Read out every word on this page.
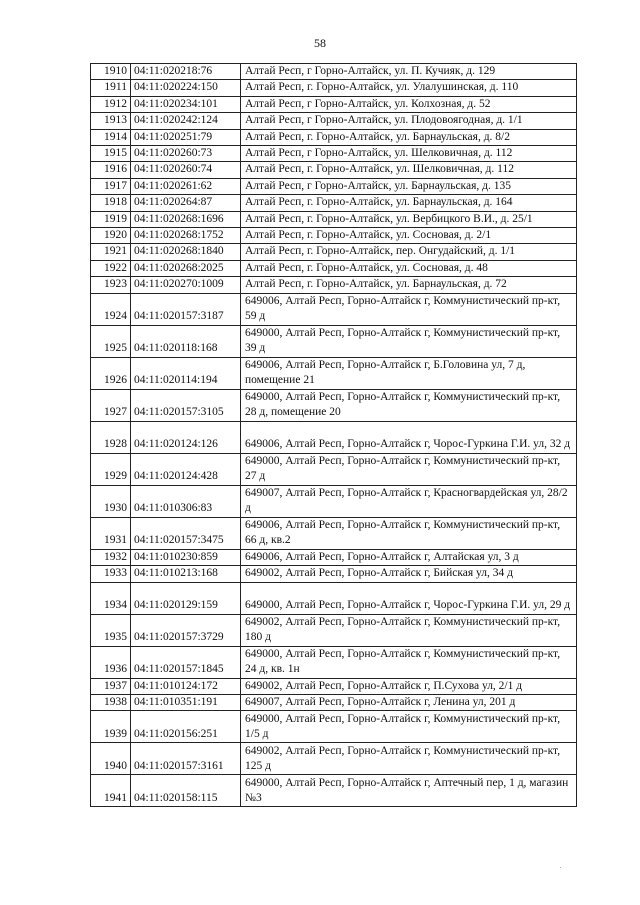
58
1910	04:11:020218:76	Алтай Респ, г Горно-Алтайск, ул. П. Кучияк, д. 129
1911	04:11:020224:150	Алтай Респ, г. Горно-Алтайск, ул. Улалушинская, д. 110
1912	04:11:020234:101	Алтай Респ, г Горно-Алтайск, ул. Колхозная, д. 52
1913	04:11:020242:124	Алтай Респ, г Горно-Алтайск, ул. Плодовоягодная, д. 1/1
1914	04:11:020251:79	Алтай Респ, г. Горно-Алтайск, ул. Барнаульская, д. 8/2
1915	04:11:020260:73	Алтай Респ, г Горно-Алтайск, ул. Шелковичная, д. 112
1916	04:11:020260:74	Алтай Респ, г. Горно-Алтайск, ул. Шелковичная, д. 112
1917	04:11:020261:62	Алтай Респ, г Горно-Алтайск, ул. Барнаульская, д. 135
1918	04:11:020264:87	Алтай Респ, г. Горно-Алтайск, ул. Барнаульская, д. 164
1919	04:11:020268:1696	Алтай Респ, г. Горно-Алтайск, ул. Вербицкого В.И., д. 25/1
1920	04:11:020268:1752	Алтай Респ, г. Горно-Алтайск, ул. Сосновая, д. 2/1
1921	04:11:020268:1840	Алтай Респ, г. Горно-Алтайск, пер. Онгудайский, д. 1/1
1922	04:11:020268:2025	Алтай Респ, г. Горно-Алтайск, ул. Сосновая, д. 48
1923	04:11:020270:1009	Алтай Респ, г. Горно-Алтайск, ул. Барнаульская, д. 72
1924	04:11:020157:3187	649006, Алтай Респ, Горно-Алтайск г, Коммунистический пр-кт, 59 д
1925	04:11:020118:168	649000, Алтай Респ, Горно-Алтайск г, Коммунистический пр-кт, 39 д
1926	04:11:020114:194	649006, Алтай Респ, Горно-Алтайск г, Б.Головина ул, 7 д, помещение 21
1927	04:11:020157:3105	649000, Алтай Респ, Горно-Алтайск г, Коммунистический пр-кт, 28 д, помещение 20
1928	04:11:020124:126	649006, Алтай Респ, Горно-Алтайск г, Чорос-Гуркина Г.И. ул, 32 д
1929	04:11:020124:428	649000, Алтай Респ, Горно-Алтайск г, Коммунистический пр-кт, 27 д
1930	04:11:010306:83	649007, Алтай Респ, Горно-Алтайск г, Красногвардейская ул, 28/2 д
1931	04:11:020157:3475	649006, Алтай Респ, Горно-Алтайск г, Коммунистический пр-кт, 66 д, кв.2
1932	04:11:010230:859	649006, Алтай Респ, Горно-Алтайск г, Алтайская ул, 3 д
1933	04:11:010213:168	649002, Алтай Респ, Горно-Алтайск г, Бийская ул, 34 д
1934	04:11:020129:159	649000, Алтай Респ, Горно-Алтайск г, Чорос-Гуркина Г.И. ул, 29 д
1935	04:11:020157:3729	649002, Алтай Респ, Горно-Алтайск г, Коммунистический пр-кт, 180 д
1936	04:11:020157:1845	649000, Алтай Респ, Горно-Алтайск г, Коммунистический пр-кт, 24 д, кв. 1н
1937	04:11:010124:172	649002, Алтай Респ, Горно-Алтайск г, П.Сухова ул, 2/1 д
1938	04:11:010351:191	649007, Алтай Респ, Горно-Алтайск г, Ленина ул, 201 д
1939	04:11:020156:251	649000, Алтай Респ, Горно-Алтайск г, Коммунистический пр-кт, 1/5 д
1940	04:11:020157:3161	649002, Алтай Респ, Горно-Алтайск г, Коммунистический пр-кт, 125 д
1941	04:11:020158:115	649000, Алтай Респ, Горно-Алтайск г, Аптечный пер, 1 д, магазин №3
